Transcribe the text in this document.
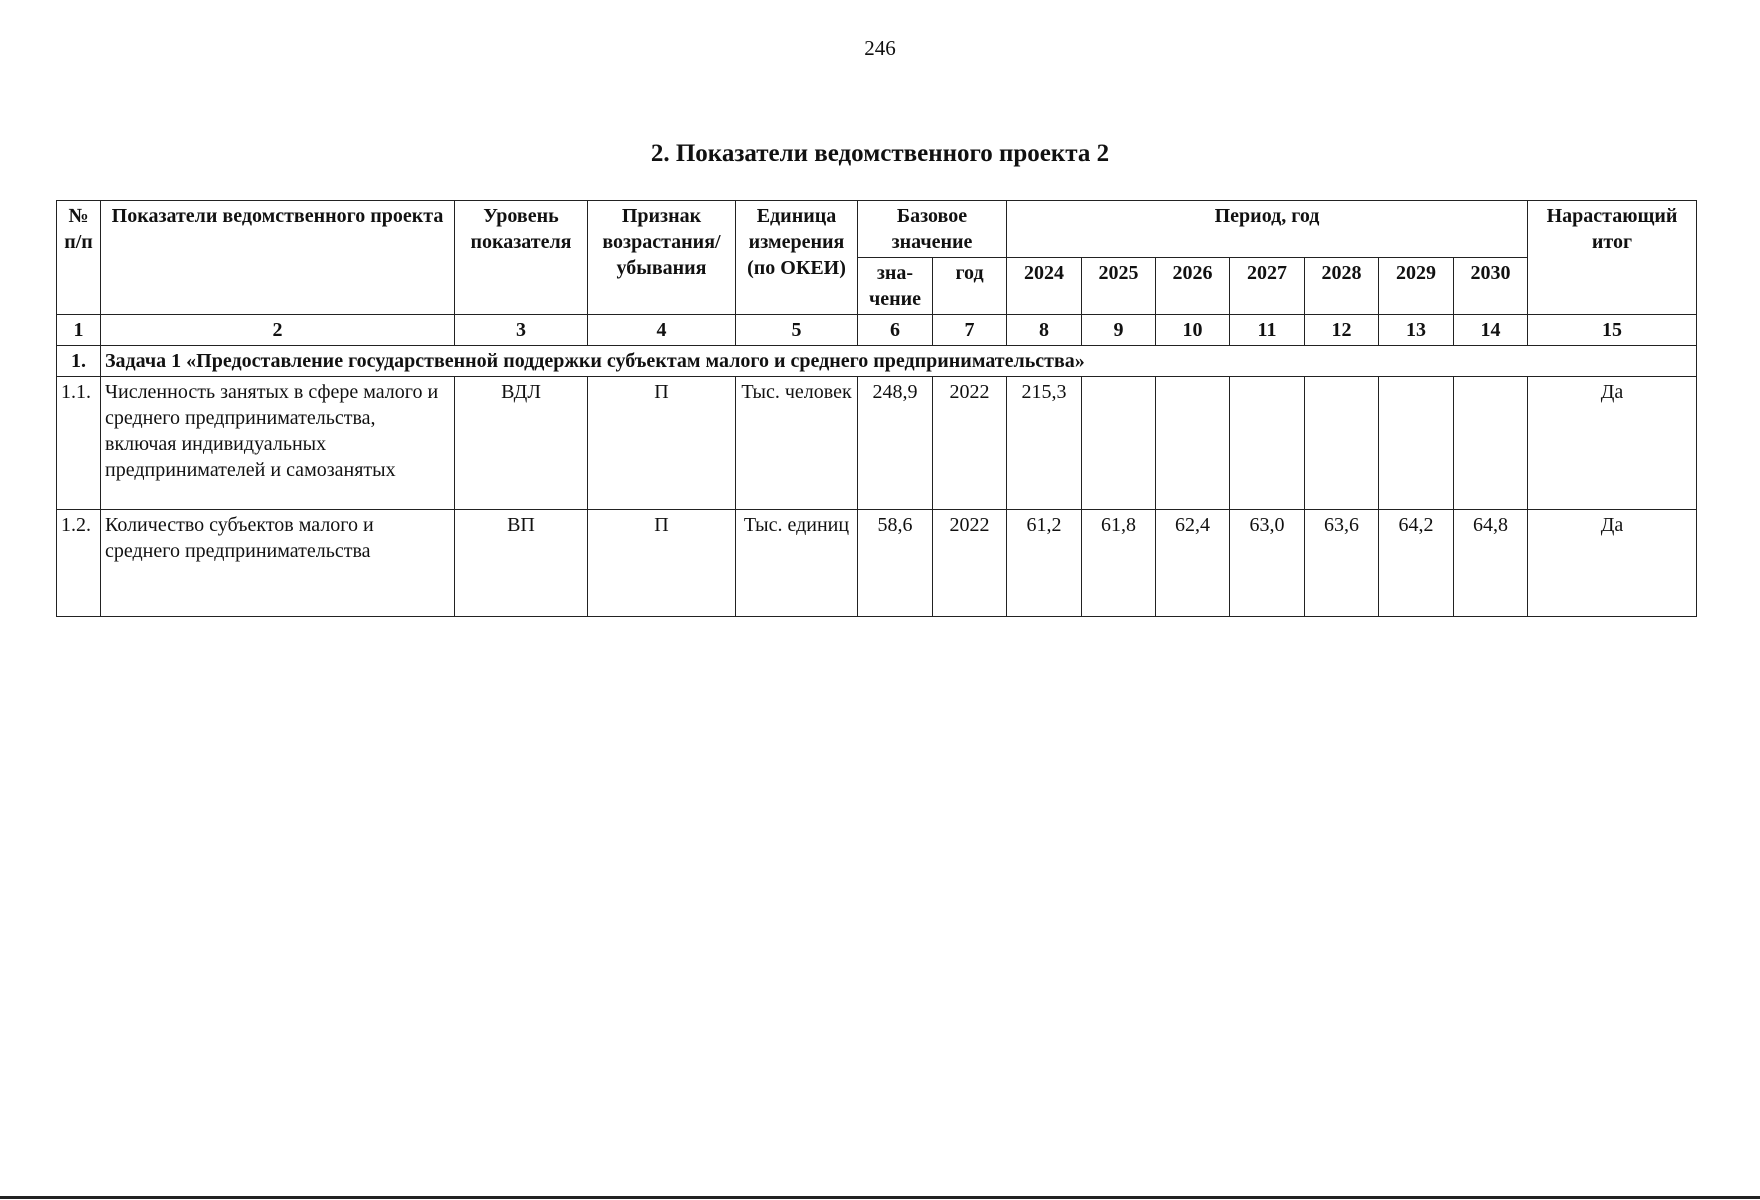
246
2. Показатели ведомственного проекта 2
№ п/п	Показатели ведомственного проекта	Уровень показателя	Признак возрастания/ убывания	Единица измерения (по ОКЕИ)	Базовое значение		Период, год							Нарастающий итог
					зна-чение	год	2024	2025	2026	2027	2028	2029	2030	
1	2	3	4	5	6	7	8	9	10	11	12	13	14	15
1.	Задача 1 «Предоставление государственной поддержки субъектам малого и среднего предпринимательства»													
1.1.	Численность занятых в сфере малого и среднего предпринимательства, включая индивидуальных предпринимателей и самозанятых	ВДЛ	П	Тыс. человек	248,9	2022	215,3							Да
1.2.	Количество субъектов малого и среднего предпринимательства	ВП	П	Тыс. единиц	58,6	2022	61,2	61,8	62,4	63,0	63,6	64,2	64,8	Да
